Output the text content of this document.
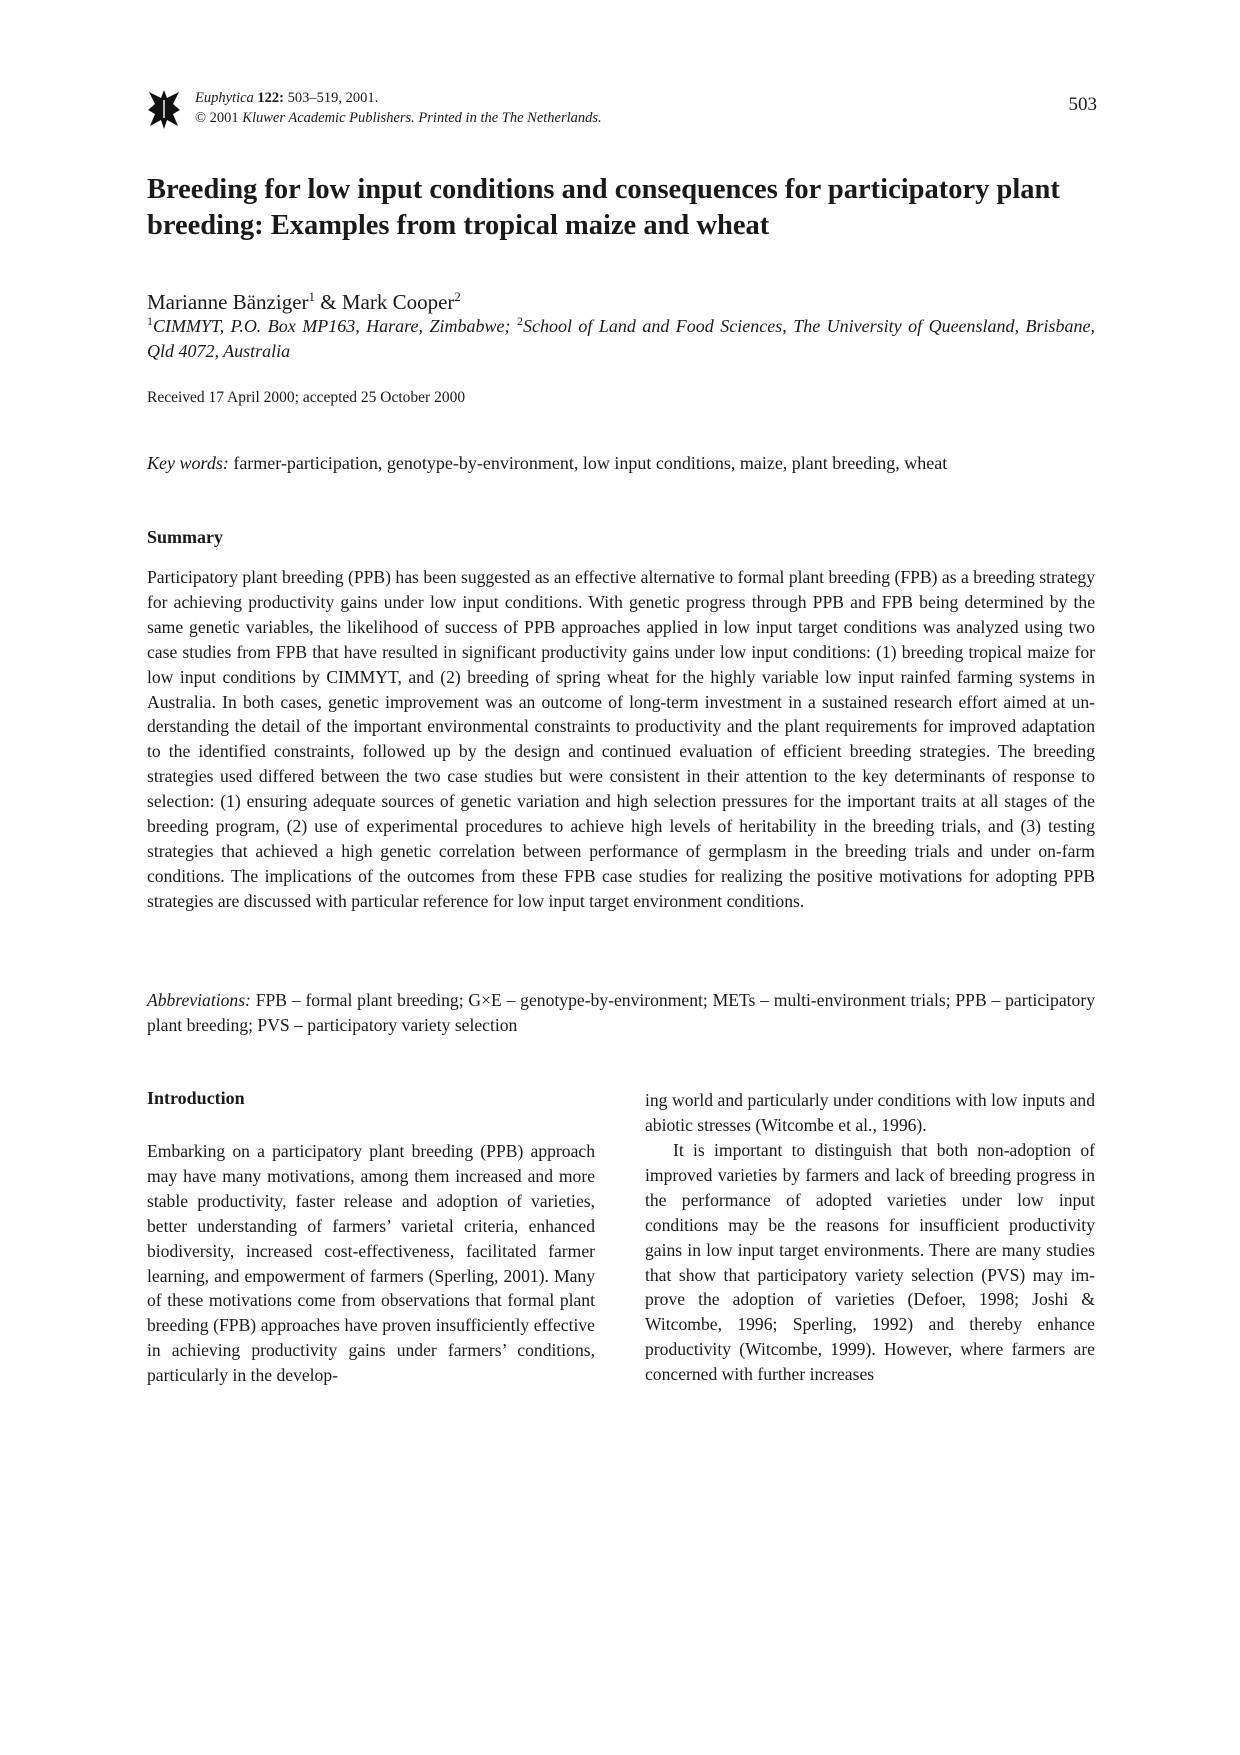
Euphytica 122: 503–519, 2001.
© 2001 Kluwer Academic Publishers. Printed in the The Netherlands.
503
Breeding for low input conditions and consequences for participatory plant breeding: Examples from tropical maize and wheat
Marianne Bänziger$^1$ & Mark Cooper$^2$
$^1$CIMMYT, P.O. Box MP163, Harare, Zimbabwe; $^2$School of Land and Food Sciences, The University of Queensland, Brisbane, Qld 4072, Australia
Received 17 April 2000; accepted 25 October 2000
Key words: farmer-participation, genotype-by-environment, low input conditions, maize, plant breeding, wheat
Summary

Participatory plant breeding (PPB) has been suggested as an effective alternative to formal plant breeding (FPB) as a breeding strategy for achieving productivity gains under low input conditions. With genetic progress through PPB and FPB being determined by the same genetic variables, the likelihood of success of PPB approaches applied in low input target conditions was analyzed using two case studies from FPB that have resulted in significant productivity gains under low input conditions: (1) breeding tropical maize for low input conditions by CIMMYT, and (2) breeding of spring wheat for the highly variable low input rainfed farming systems in Australia. In both cases, genetic improvement was an outcome of long-term investment in a sustained research effort aimed at understanding the detail of the important environmental constraints to productivity and the plant requirements for improved adaptation to the identified constraints, followed up by the design and continued evaluation of efficient breeding strategies. The breeding strategies used differed between the two case studies but were consistent in their attention to the key determinants of response to selection: (1) ensuring adequate sources of genetic variation and high selection pressures for the important traits at all stages of the breeding program, (2) use of experimental procedures to achieve high levels of heritability in the breeding trials, and (3) testing strategies that achieved a high genetic correlation between performance of germplasm in the breeding trials and under on-farm conditions. The implications of the outcomes from these FPB case studies for realizing the positive motivations for adopting PPB strategies are discussed with particular reference for low input target environment conditions.

Abbreviations: FPB – formal plant breeding; G×E – genotype-by-environment; METs – multi-environment trials; PPB – participatory plant breeding; PVS – participatory variety selection

Introduction

Embarking on a participatory plant breeding (PPB) approach may have many motivations, among them increased and more stable productivity, faster release and adoption of varieties, better understanding of farmers’ varietal criteria, enhanced biodiversity, increased cost-effectiveness, facilitated farmer learning, and empowerment of farmers (Sperling, 2001). Many of these motivations come from observations that formal plant breeding (FPB) approaches have proven insufficiently effective in achieving productivity gains under farmers’ conditions, particularly in the develop-

ing world and particularly under conditions with low inputs and abiotic stresses (Witcombe et al., 1996).

It is important to distinguish that both non-adoption of improved varieties by farmers and lack of breeding progress in the performance of adopted varieties under low input conditions may be the reasons for insufficient productivity gains in low input target environments. There are many studies that show that participatory variety selection (PVS) may improve the adoption of varieties (Defoer, 1998; Joshi & Witcombe, 1996; Sperling, 1992) and thereby enhance productivity (Witcombe, 1999). However, where farmers are concerned with further increases
